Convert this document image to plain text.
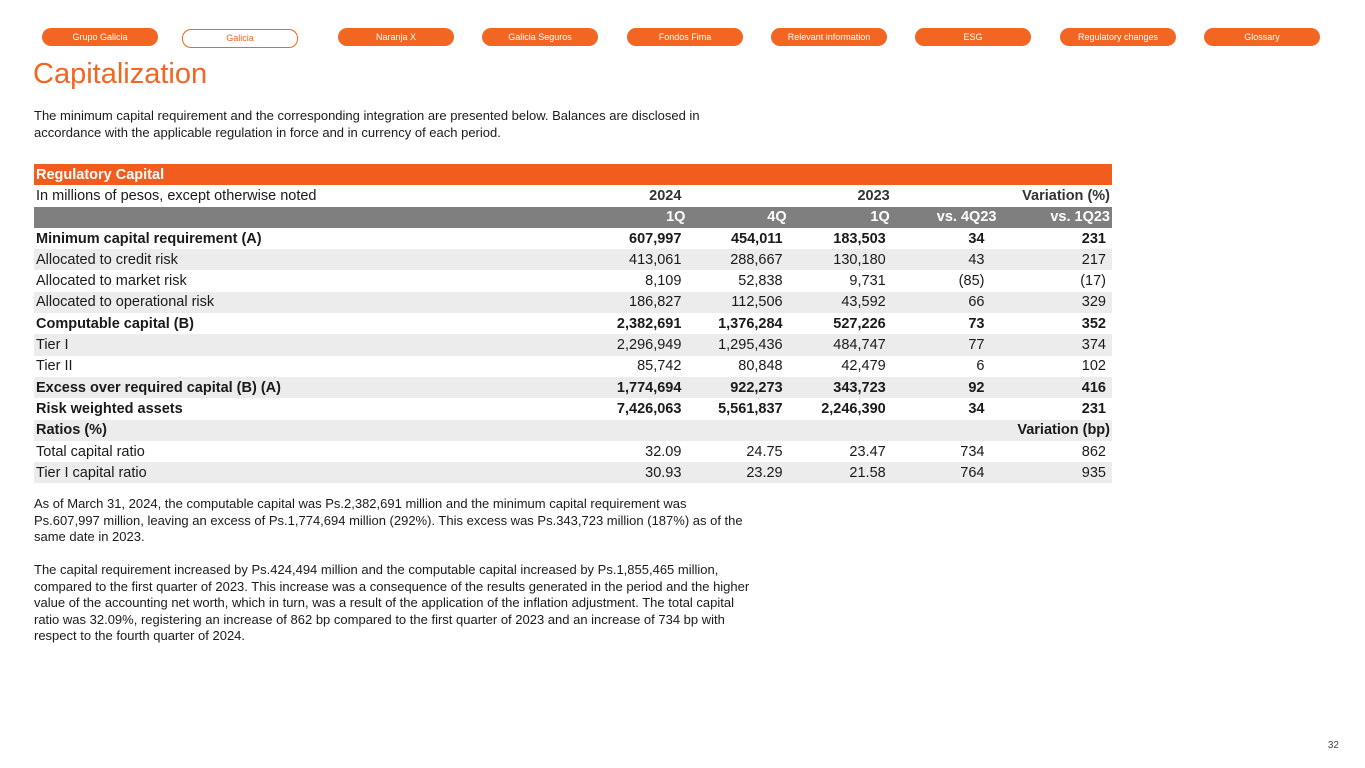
Grupo Galicia	Galicia	Naranja X	Galicia Seguros	Fondos Fima	Relevant information	ESG	Regulatory changes	Glossary
Capitalization
The minimum capital requirement and the corresponding integration are presented below. Balances are disclosed in accordance with the applicable regulation in force and in currency of each period.
Regulatory Capital					
In millions of pesos, except otherwise noted	2024		2023		Variation (%)
	1Q	4Q	1Q	vs. 4Q23	vs. 1Q23
Minimum capital requirement (A)	607,997	454,011	183,503	34	231
Allocated to credit risk	413,061	288,667	130,180	43	217
Allocated to market risk	8,109	52,838	9,731	(85)	(17)
Allocated to operational risk	186,827	112,506	43,592	66	329
Computable capital (B)	2,382,691	1,376,284	527,226	73	352
Tier I	2,296,949	1,295,436	484,747	77	374
Tier II	85,742	80,848	42,479	6	102
Excess over required capital (B) (A)	1,774,694	922,273	343,723	92	416
Risk weighted assets	7,426,063	5,561,837	2,246,390	34	231
Ratios (%)					Variation (bp)
Total capital ratio	32.09	24.75	23.47	734	862
Tier I capital ratio	30.93	23.29	21.58	764	935

As of March 31, 2024, the computable capital was Ps.2,382,691 million and the minimum capital requirement was Ps.607,997 million, leaving an excess of Ps.1,774,694 million (292%). This excess was Ps.343,723 million (187%) as of the same date in 2023.

The capital requirement increased by Ps.424,494 million and the computable capital increased by Ps.1,855,465 million, compared to the first quarter of 2023. This increase was a consequence of the results generated in the period and the higher value of the accounting net worth, which in turn, was a result of the application of the inflation adjustment. The total capital ratio was 32.09%, registering an increase of 862 bp compared to the first quarter of 2023 and an increase of 734 bp with respect to the fourth quarter of 2024.

32
